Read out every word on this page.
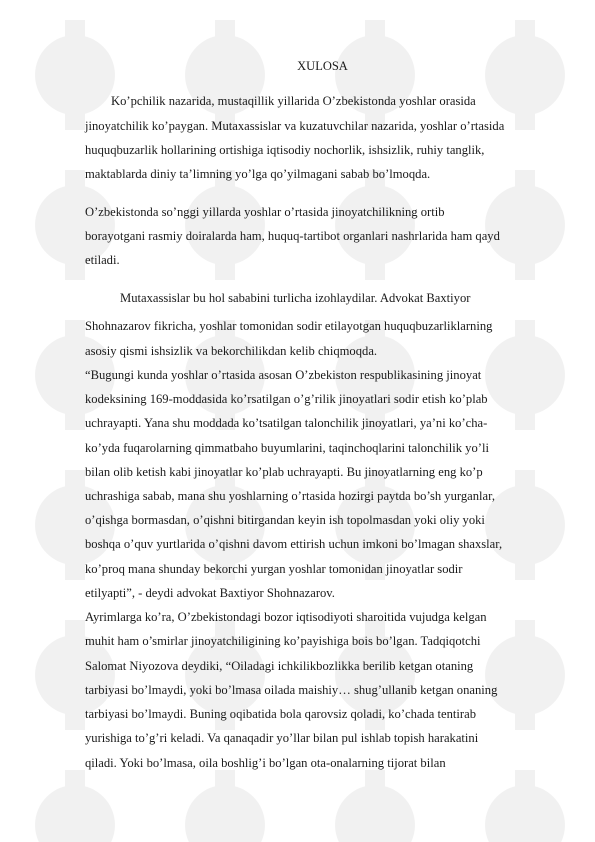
XULOSA
Ko’pchilik nazarida, mustaqillik yillarida O’zbekistonda yoshlar orasida
jinoyatchilik ko’paygan. Mutaxassislar va kuzatuvchilar nazarida, yoshlar o’rtasida
huquqbuzarlik hollarining ortishiga iqtisodiy nochorlik, ishsizlik, ruhiy tanglik,
maktablarda diniy ta’limning yo’lga qo’yilmagani sabab bo’lmoqda.
O’zbekistonda so’nggi yillarda yoshlar o’rtasida jinoyatchilikning ortib
borayotgani rasmiy doiralarda ham, huquq-tartibot organlari nashrlarida ham qayd
etiladi.
Mutaxassislar bu hol sababini turlicha izohlaydilar. Advokat Baxtiyor
Shohnazarov fikricha, yoshlar tomonidan sodir etilayotgan huquqbuzarliklarning
asosiy qismi ishsizlik va bekorchilikdan kelib chiqmoqda.
“Bugungi kunda yoshlar o’rtasida asosan O’zbekiston respublikasining jinoyat
kodeksining 169-moddasida ko’rsatilgan o’g’rilik jinoyatlari sodir etish ko’plab
uchrayapti. Yana shu moddada ko’tsatilgan talonchilik jinoyatlari, ya’ni ko’cha-
ko’yda fuqarolarning qimmatbaho buyumlarini, taqinchoqlarini talonchilik yo’li
bilan olib ketish kabi jinoyatlar ko’plab uchrayapti. Bu jinoyatlarning eng ko’p
uchrashiga sabab, mana shu yoshlarning o’rtasida hozirgi paytda bo’sh yurganlar,
o’qishga bormasdan, o’qishni bitirgandan keyin ish topolmasdan yoki oliy yoki
boshqa o’quv yurtlarida o’qishni davom ettirish uchun imkoni bo’lmagan shaxslar,
ko’proq mana shunday bekorchi yurgan yoshlar tomonidan jinoyatlar sodir
etilyapti”, - deydi advokat Baxtiyor Shohnazarov.
Ayrimlarga ko’ra, O’zbekistondagi bozor iqtisodiyoti sharoitida vujudga kelgan
muhit ham o’smirlar jinoyatchiligining ko’payishiga bois bo’lgan. Tadqiqotchi
Salomat Niyozova deydiki, “Oiladagi ichkilikbozlikka berilib ketgan otaning
tarbiyasi bo’lmaydi, yoki bo’lmasa oilada maishiy… shug’ullanib ketgan onaning
tarbiyasi bo’lmaydi. Buning oqibatida bola qarovsiz qoladi, ko’chada tentirab
yurishiga to’g’ri keladi. Va qanaqadir yo’llar bilan pul ishlab topish harakatini
qiladi. Yoki bo’lmasa, oila boshlig’i bo’lgan ota-onalarning tijorat bilan
